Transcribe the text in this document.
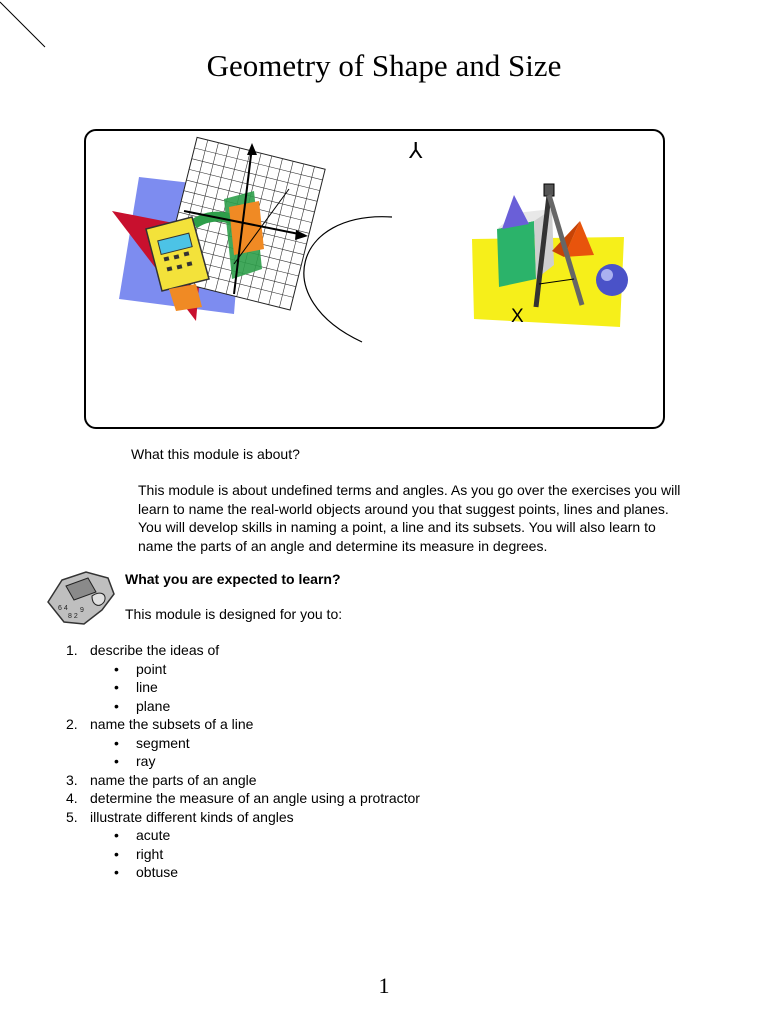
Geometry of Shape and Size
⅄
X
What this module is about?
This module is about undefined terms and angles. As you go over the exercises you will
learn to name the real-world objects around you that suggest points, lines and planes.
You will develop skills in naming a point, a line and its subsets. You will also learn to
name the parts of an angle and determine its measure in degrees.
6 4
8 2
9
What you are expected to learn?
This module is designed for you to:
1. describe the ideas of
• point
• line
• plane
2. name the subsets of a line
• segment
• ray
3. name the parts of an angle
4. determine the measure of an angle using a protractor
5. illustrate different kinds of angles
• acute
• right
• obtuse
1
